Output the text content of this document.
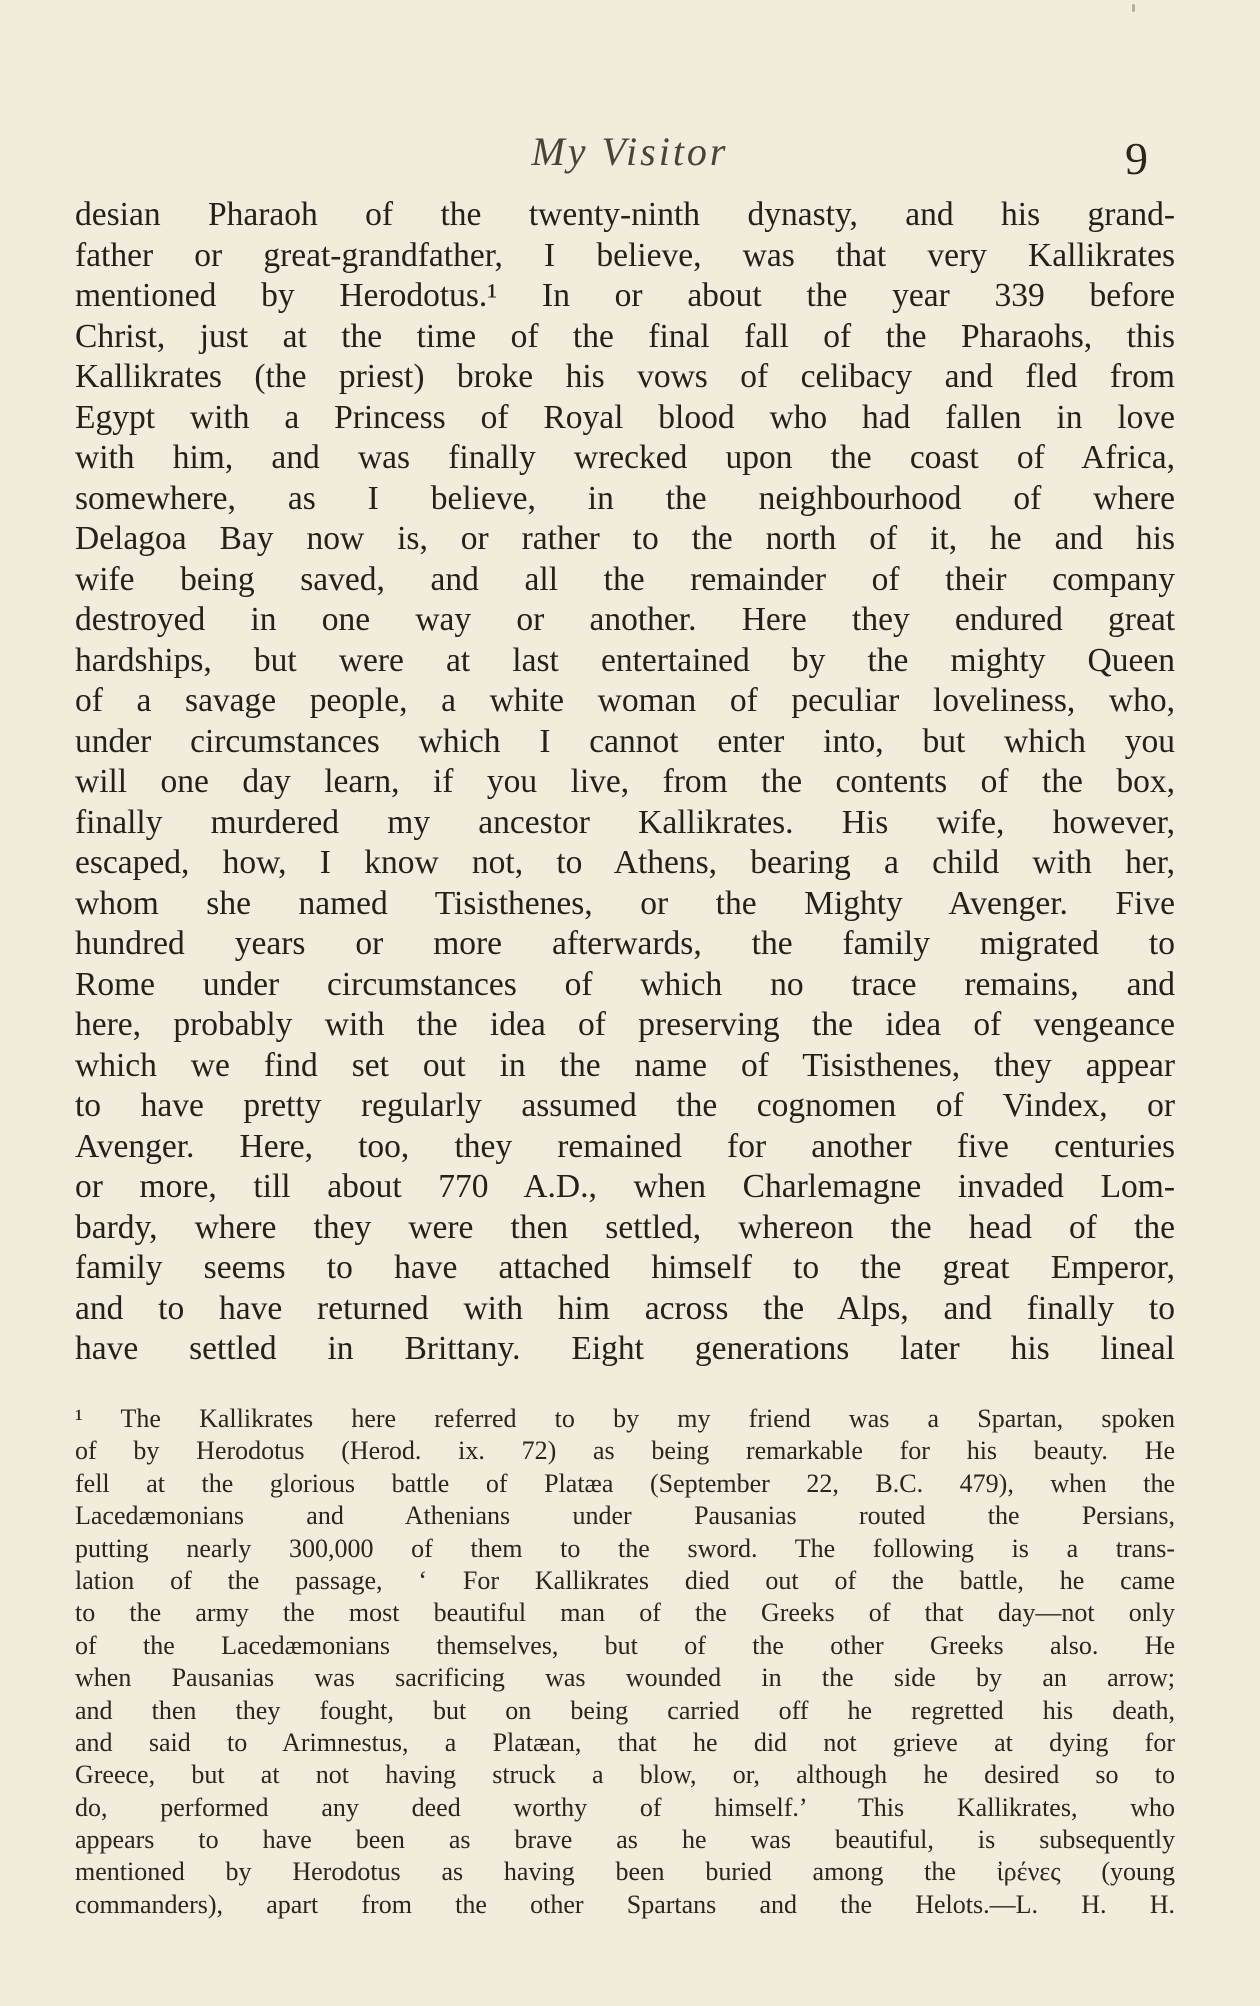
My Visitor	9
desian Pharaoh of the twenty-ninth dynasty, and his grand-
father or great-grandfather, I believe, was that very Kallikrates
mentioned by Herodotus.¹ In or about the year 339 before
Christ, just at the time of the final fall of the Pharaohs, this
Kallikrates (the priest) broke his vows of celibacy and fled from
Egypt with a Princess of Royal blood who had fallen in love
with him, and was finally wrecked upon the coast of Africa,
somewhere, as I believe, in the neighbourhood of where
Delagoa Bay now is, or rather to the north of it, he and his
wife being saved, and all the remainder of their company
destroyed in one way or another. Here they endured great
hardships, but were at last entertained by the mighty Queen
of a savage people, a white woman of peculiar loveliness, who,
under circumstances which I cannot enter into, but which you
will one day learn, if you live, from the contents of the box,
finally murdered my ancestor Kallikrates. His wife, however,
escaped, how, I know not, to Athens, bearing a child with her,
whom she named Tisisthenes, or the Mighty Avenger. Five
hundred years or more afterwards, the family migrated to
Rome under circumstances of which no trace remains, and
here, probably with the idea of preserving the idea of vengeance
which we find set out in the name of Tisisthenes, they appear
to have pretty regularly assumed the cognomen of Vindex, or
Avenger. Here, too, they remained for another five centuries
or more, till about 770 A.D., when Charlemagne invaded Lom-
bardy, where they were then settled, whereon the head of the
family seems to have attached himself to the great Emperor,
and to have returned with him across the Alps, and finally to
have settled in Brittany. Eight generations later his lineal
¹ The Kallikrates here referred to by my friend was a Spartan, spoken
of by Herodotus (Herod. ix. 72) as being remarkable for his beauty. He
fell at the glorious battle of Platæa (September 22, B.C. 479), when the
Lacedæmonians and Athenians under Pausanias routed the Persians,
putting nearly 300,000 of them to the sword. The following is a trans-
lation of the passage, ‘ For Kallikrates died out of the battle, he came
to the army the most beautiful man of the Greeks of that day—not only
of the Lacedæmonians themselves, but of the other Greeks also. He
when Pausanias was sacrificing was wounded in the side by an arrow;
and then they fought, but on being carried off he regretted his death,
and said to Arimnestus, a Platæan, that he did not grieve at dying for
Greece, but at not having struck a blow, or, although he desired so to
do, performed any deed worthy of himself.’ This Kallikrates, who
appears to have been as brave as he was beautiful, is subsequently
mentioned by Herodotus as having been buried among the ἰρένες (young
commanders), apart from the other Spartans and the Helots.—L. H. H.
